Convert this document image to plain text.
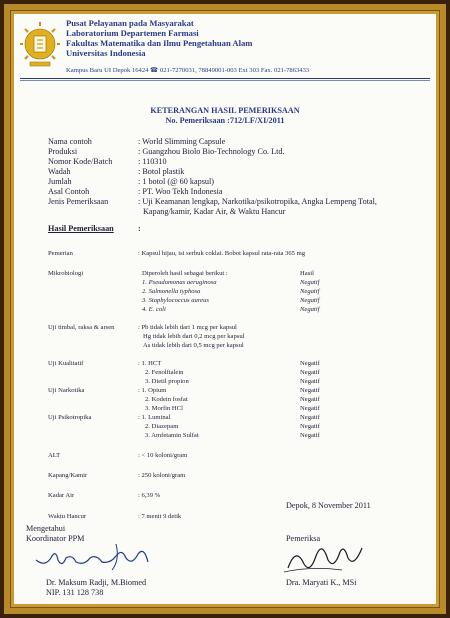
Pusat Pelayanan pada Masyarakat
Laboratorium Departemen Farmasi
Fakultas Matematika dan Ilmu Pengetahuan Alam
Universitas Indonesia
Kampus Baru UI Depok 16424 ☎ 021-7270031, 78849001-003 Ext 303 Fax. 021-7863433
KETERANGAN HASIL PEMERIKSAAN
No. Pemeriksaan :712/LF/XI/2011
Nama contoh	: World Slimming Capsule
Produksi	: Guangzhou Biolo Bio-Technology Co. Ltd.
Nomor Kode/Batch	: 110310
Wadah	: Botol plastik
Jumlah	: 1 botol (@ 60 kapsul)
Asal Contoh	: PT. Woo Tekh Indonesia
Jenis Pemeriksaan	: Uji Keamanan lengkap, Narkotika/psikotropika, Angka Lempeng Total,
Kapang/kamir, Kadar Air, & Waktu Hancur
Hasil Pemeriksaan	:
Pemerian	: Kapsul hijau, isi serbuk coklat. Bobot kapsul rata-rata 365 mg
Mikrobiologi	Diperoleh hasil sebagai berikut :	Hasil
1. Pseudomonas aeruginosa	Negatif
2. Salmonella typhosa	Negatif
3. Staphylococcus aureus	Negatif
4. E. coli	Negatif
Uji timbal, raksa & arsen	: Pb tidak lebih dari 1 mcg per kapsul
Hg tidak lebih dari 0,2 mcg per kapsul
As tidak lebih dari 0,5 mcg per kapsul
Uji Kualitatif	: 1. HCT	Negatif
2. Fenolftalein	Negatif
3. Dietil propion	Negatif
Uji Narkotika	: 1. Opium	Negatif
2. Kodein fosfat	Negatif
3. Morfin HCl	Negatif
Uji Psikotropika	: 1. Luminal	Negatif
2. Diazepam	Negatif
3. Amfetamin Sulfat	Negatif
ALT	: < 10 koloni/gram
Kapang/Kamir	: 250 koloni/gram
Kadar Air	: 6,39 %
Waktu Hancur	: 7 menit 9 detik
Depok, 8 November 2011
Mengetahui
Koordinator PPM	Pemeriksa
Dr. Maksum Radji, M.Biomed
NIP. 131 128 738
Dra. Maryati K., MSi
